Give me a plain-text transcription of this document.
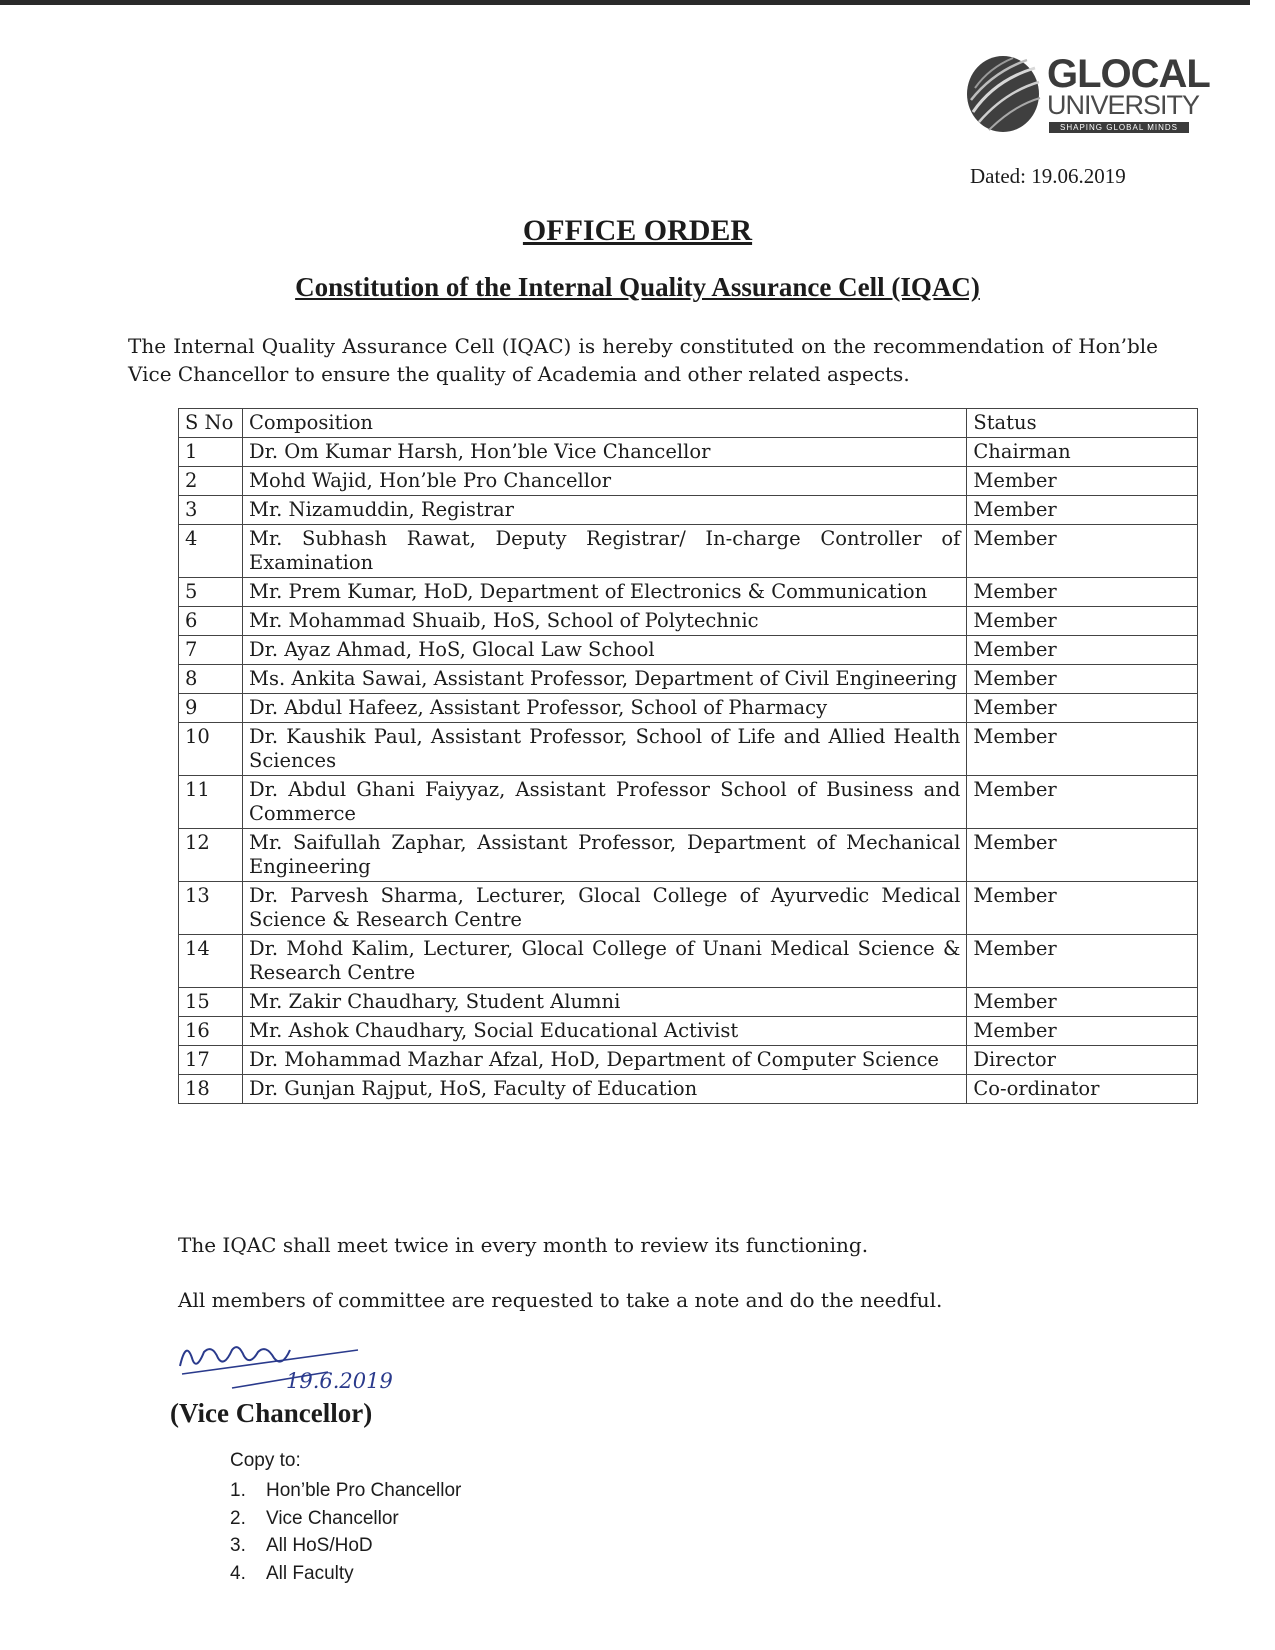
GLOCAL
UNIVERSITY
SHAPING GLOBAL MINDS
Dated: 19.06.2019
OFFICE ORDER
Constitution of the Internal Quality Assurance Cell (IQAC)
The Internal Quality Assurance Cell (IQAC) is hereby constituted on the recommendation of Hon’ble Vice Chancellor to ensure the quality of Academia and other related aspects.
S No	Composition	Status
1	Dr. Om Kumar Harsh, Hon’ble Vice Chancellor	Chairman
2	Mohd Wajid, Hon’ble Pro Chancellor	Member
3	Mr. Nizamuddin, Registrar	Member
4	Mr. Subhash Rawat, Deputy Registrar/ In-charge Controller of Examination	Member
5	Mr. Prem Kumar, HoD, Department of Electronics & Communication	Member
6	Mr. Mohammad Shuaib, HoS, School of Polytechnic	Member
7	Dr. Ayaz Ahmad, HoS, Glocal Law School	Member
8	Ms. Ankita Sawai, Assistant Professor, Department of Civil Engineering	Member
9	Dr. Abdul Hafeez, Assistant Professor, School of Pharmacy	Member
10	Dr. Kaushik Paul, Assistant Professor, School of Life and Allied Health Sciences	Member
11	Dr. Abdul Ghani Faiyyaz, Assistant Professor School of Business and Commerce	Member
12	Mr. Saifullah Zaphar, Assistant Professor, Department of Mechanical Engineering	Member
13	Dr. Parvesh Sharma, Lecturer, Glocal College of Ayurvedic Medical Science & Research Centre	Member
14	Dr. Mohd Kalim, Lecturer, Glocal College of Unani Medical Science & Research Centre	Member
15	Mr. Zakir Chaudhary, Student Alumni	Member
16	Mr. Ashok Chaudhary, Social Educational Activist	Member
17	Dr. Mohammad Mazhar Afzal, HoD, Department of Computer Science	Director
18	Dr. Gunjan Rajput, HoS, Faculty of Education	Co-ordinator
The IQAC shall meet twice in every month to review its functioning.
All members of committee are requested to take a note and do the needful.
19.6.2019
(Vice Chancellor)
Copy to:
1. Hon’ble Pro Chancellor
2. Vice Chancellor
3. All HoS/HoD
4. All Faculty
